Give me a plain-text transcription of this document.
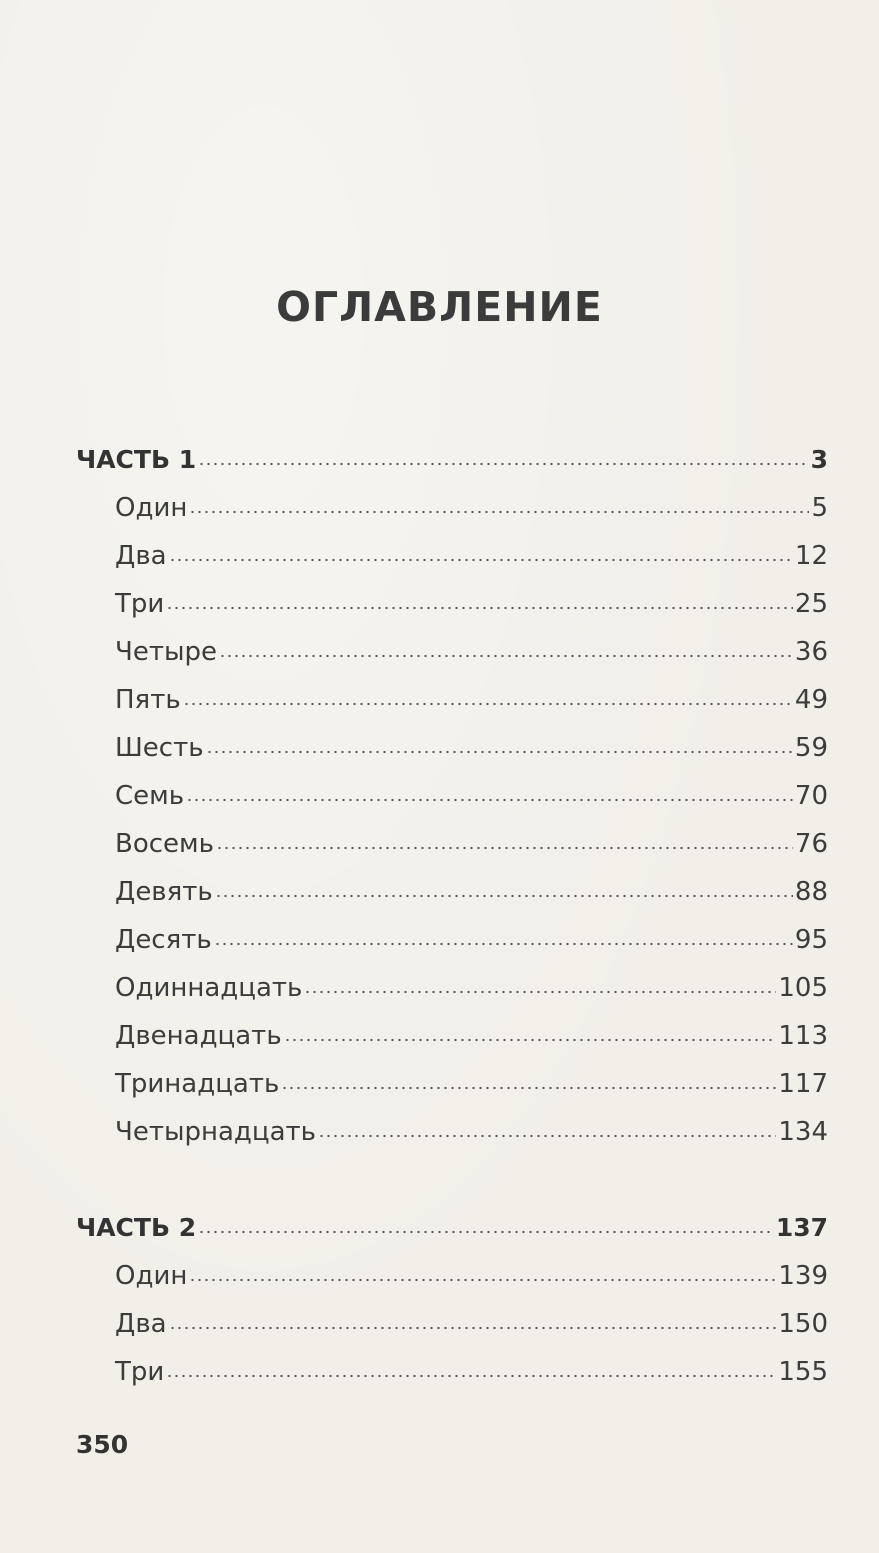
ОГЛАВЛЕНИЕ
ЧАСТЬ 1	3
Один	5
Два	12
Три	25
Четыре	36
Пять	49
Шесть	59
Семь	70
Восемь	76
Девять	88
Десять	95
Одиннадцать	105
Двенадцать	113
Тринадцать	117
Четырнадцать	134
ЧАСТЬ 2	137
Один	139
Два	150
Три	155
350
